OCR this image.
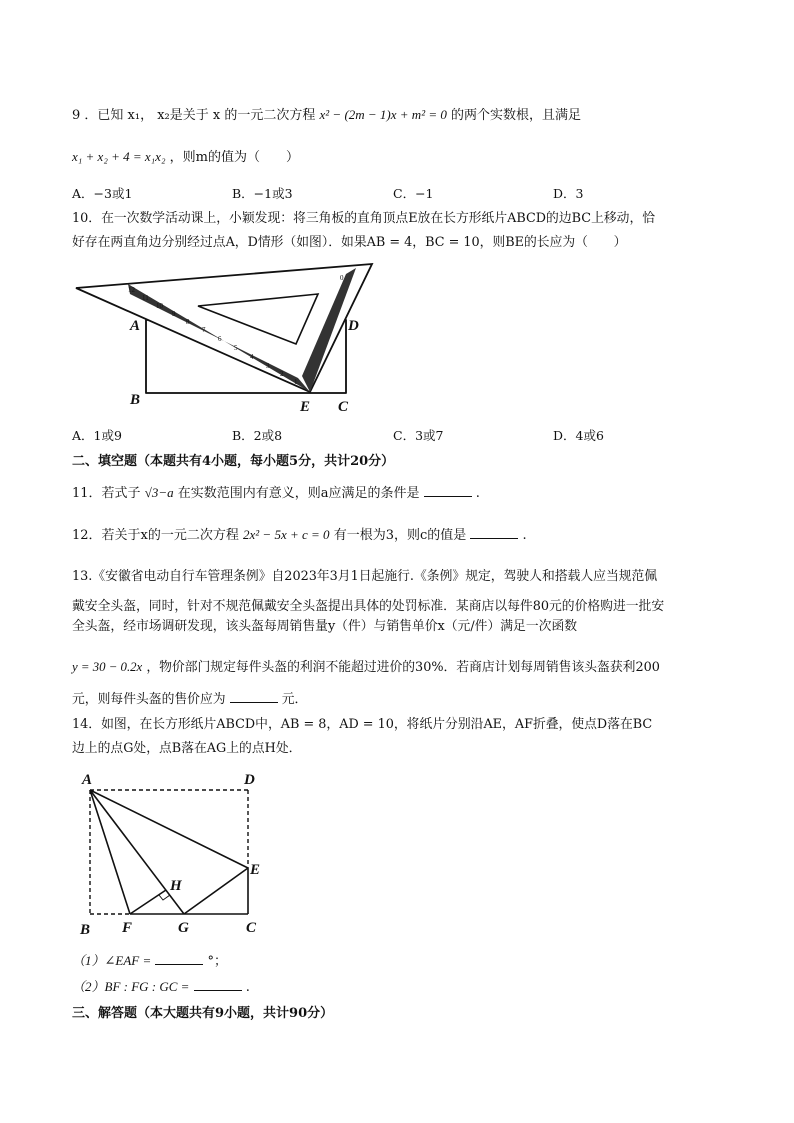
9 ．已知 x₁， x₂是关于 x 的一元二次方程 x² − (2m − 1)x + m² = 0 的两个实数根，且满足
x₁ + x₂ + 4 = x₁x₂ ，则m的值为（　　）
A．−3或1	B．−1或3	C．−1	D．3
10．在一次数学活动课上，小颖发现：将三角板的直角顶点E放在长方形纸片ABCD的边BC上移动，恰
好存在两直角边分别经过点A，D情形（如图）．如果AB = 4，BC = 10，则BE的长应为（　　）
12
11
10
9
8
7
6
5
4
3
2
1
0
A	D
B	E C
A．1或9	B．2或8	C．3或7	D．4或6
二、填空题（本题共有4小题，每小题5分，共计20分）
11．若式子 √3−a 在实数范围内有意义，则a应满足的条件是	.
12．若关于x的一元二次方程 2x² − 5x + c = 0 有一根为3，则c的值是	.
13.《安徽省电动自行车管理条例》自2023年3月1日起施行.《条例》规定，驾驶人和搭载人应当规范佩
戴安全头盔，同时，针对不规范佩戴安全头盔提出具体的处罚标准．某商店以每件80元的价格购进一批安
全头盔，经市场调研发现，该头盔每周销售量y（件）与销售单价x（元/件）满足一次函数
y = 30 − 0.2x ，物价部门规定每件头盔的利润不能超过进价的30%．若商店计划每周销售该头盔获利200
元，则每件头盔的售价应为	元．
14．如图，在长方形纸片ABCD中，AB = 8，AD = 10，将纸片分别沿AE，AF折叠，使点D落在BC
边上的点G处，点B落在AG上的点H处．
A	D
E
H
B F	G	C
（1）∠EAF =	°；
（2）BF : FG : GC =	.
三、解答题（本大题共有9小题，共计90分）
